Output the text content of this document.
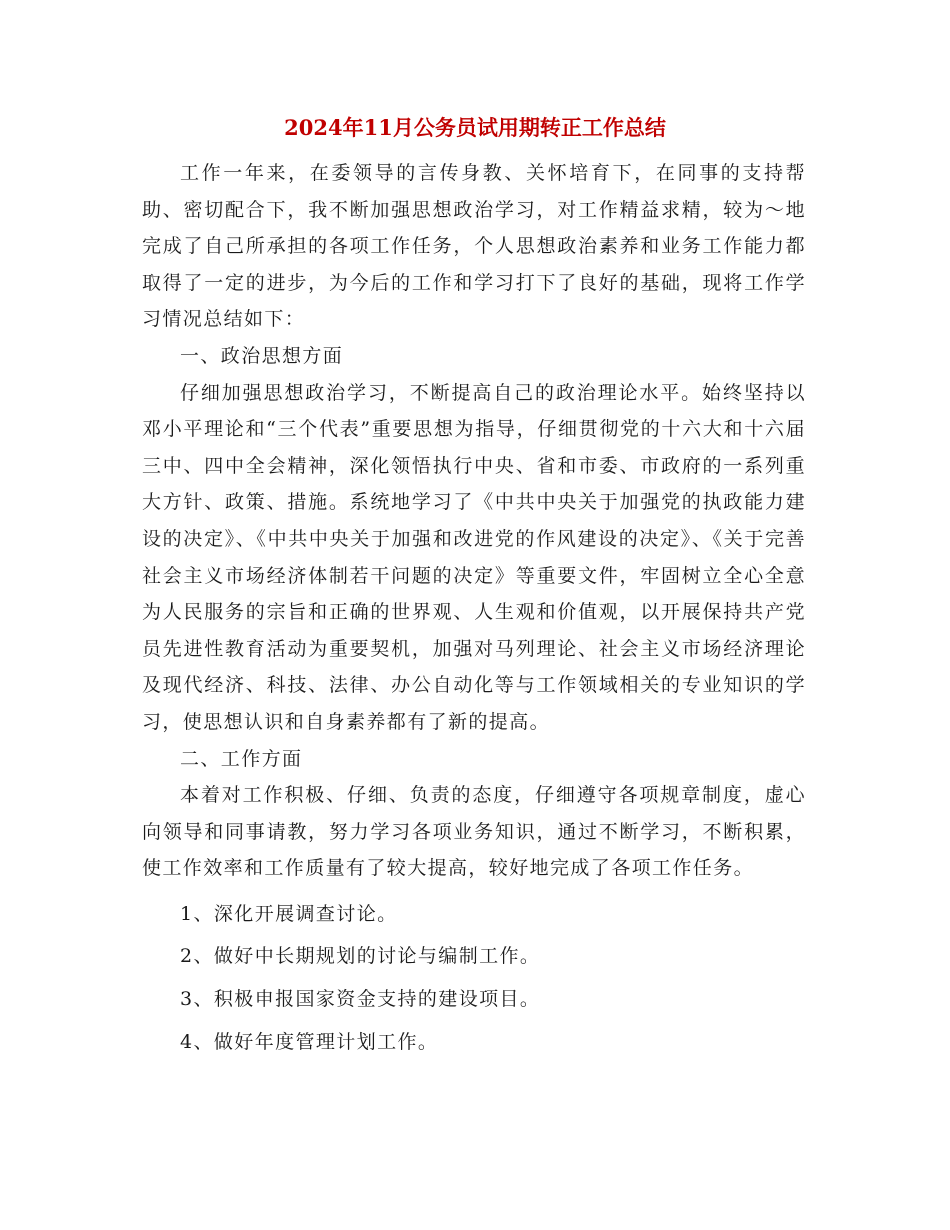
2024年11月公务员试用期转正工作总结

工作一年来，在委领导的言传身教、关怀培育下，在同事的支持帮助、密切配合下，我不断加强思想政治学习，对工作精益求精，较为～地完成了自己所承担的各项工作任务，个人思想政治素养和业务工作能力都取得了一定的进步，为今后的工作和学习打下了良好的基础，现将工作学习情况总结如下：

一、政治思想方面

仔细加强思想政治学习，不断提高自己的政治理论水平。始终坚持以邓小平理论和“三个代表”重要思想为指导，仔细贯彻党的十六大和十六届三中、四中全会精神，深化领悟执行中央、省和市委、市政府的一系列重大方针、政策、措施。系统地学习了《中共中央关于加强党的执政能力建设的决定》、《中共中央关于加强和改进党的作风建设的决定》、《关于完善社会主义市场经济体制若干问题的决定》等重要文件，牢固树立全心全意为人民服务的宗旨和正确的世界观、人生观和价值观，以开展保持共产党员先进性教育活动为重要契机，加强对马列理论、社会主义市场经济理论及现代经济、科技、法律、办公自动化等与工作领域相关的专业知识的学习，使思想认识和自身素养都有了新的提高。

二、工作方面

本着对工作积极、仔细、负责的态度，仔细遵守各项规章制度，虚心向领导和同事请教，努力学习各项业务知识，通过不断学习，不断积累，使工作效率和工作质量有了较大提高，较好地完成了各项工作任务。

1、深化开展调查讨论。

2、做好中长期规划的讨论与编制工作。

3、积极申报国家资金支持的建设项目。

4、做好年度管理计划工作。
